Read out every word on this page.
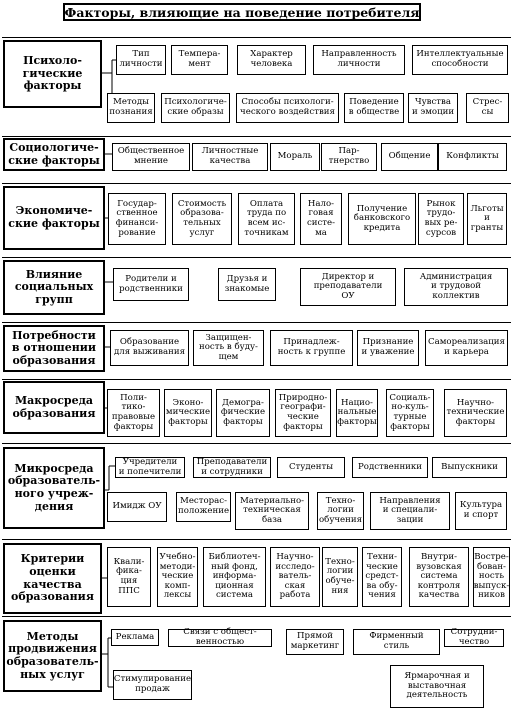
Факторы, влияющие на поведение потребителя
Психоло-
гические
факторы
Тип
личности
Темпера-
мент
Характер
человека
Направленность
личности
Интеллектуальные
способности
Методы
познания
Психологиче-
ские образы
Способы психологи-
ческого воздействия
Поведение
в обществе
Чувства
и эмоции
Стрес-
сы
Социологиче-
ские факторы
Общественное
мнение
Личностные
качества	Мораль	Пар-
тнерство	Общение	Конфликты
Экономиче-
ские факторы
Государ-
ственное
финанси-
рование
Стоимость
образова-
тельных
услуг
Оплата
труда по
всем ис-
точникам
Нало-
говая
систе-
ма
Получение
банковского
кредита
Рынок
трудо-
вых ре-
сурсов
Льготы
и
гранты
Влияние
социальных
групп
Родители и
родственники
Друзья и
знакомые
Директор и
преподаватели
ОУ
Администрация
и трудовой
коллектив
Потребности
в отношении
образования
Образование
для выживания
Защищен-
ность в буду-
щем
Принадлеж-
ность к группе
Признание
и уважение
Самореализация
и карьера
Макросреда
образования
Поли-
тико-
правовые
факторы
Эконо-
мические
факторы
Демогра-
фические
факторы
Природно-
географи-
ческие
факторы
Нацио-
нальные
факторы
Социаль-
но-куль-
турные
факторы
Научно-
технические
факторы
Микросреда
образователь-
ного учреж-
дения
Учредители
и попечители
Преподаватели
и сотрудники	Студенты	Родственники	Выпускники
Имидж ОУ	Месторас-
положение
Материально-
техническая
база
Техно-
логии
обучения
Направления
и специали-
зации
Культура
и спорт
Критерии
оценки
качества
образования
Квали-
фика-
ция
ППС
Учебно-
методи-
ческие
комп-
лексы
Библиотеч-
ный фонд,
информа-
ционная
система
Научно-
исследо-
ватель-
ская
работа
Техно-
логии
обуче-
ния
Техни-
ческие
средст-
ва обу-
чения
Внутри-
вузовская
система
контроля
качества
Востре-
бован-
ность
выпуск-
ников
Методы
продвижения
образователь-
ных услуг
Реклама	Связи с общест-
венностью
Прямой
маркетинг
Фирменный
стиль
Сотрудни-
чество
Стимулирование
продаж
Ярмарочная и
выставочная
деятельность
